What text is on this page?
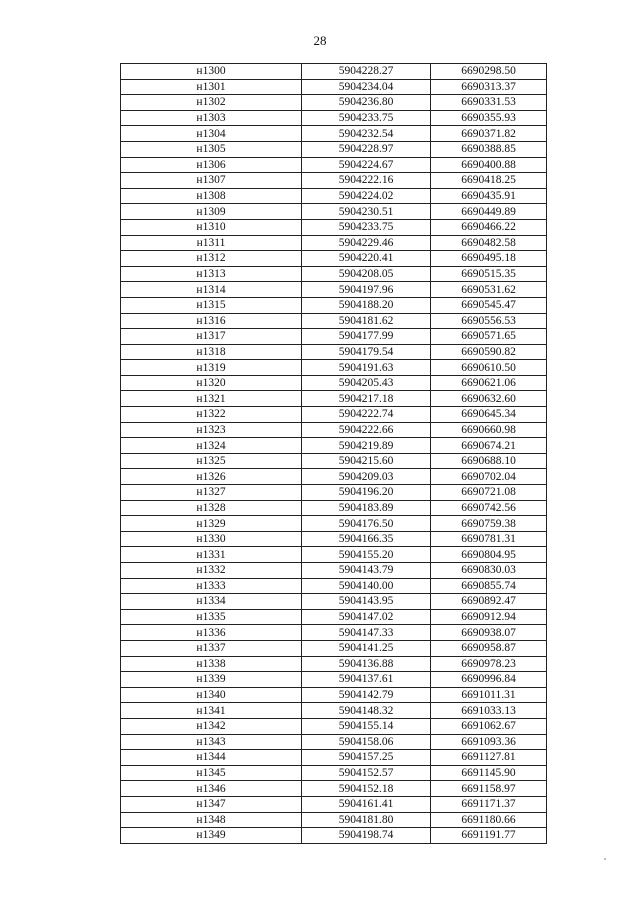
28
н1300	5904228.27	6690298.50
н1301	5904234.04	6690313.37
н1302	5904236.80	6690331.53
н1303	5904233.75	6690355.93
н1304	5904232.54	6690371.82
н1305	5904228.97	6690388.85
н1306	5904224.67	6690400.88
н1307	5904222.16	6690418.25
н1308	5904224.02	6690435.91
н1309	5904230.51	6690449.89
н1310	5904233.75	6690466.22
н1311	5904229.46	6690482.58
н1312	5904220.41	6690495.18
н1313	5904208.05	6690515.35
н1314	5904197.96	6690531.62
н1315	5904188.20	6690545.47
н1316	5904181.62	6690556.53
н1317	5904177.99	6690571.65
н1318	5904179.54	6690590.82
н1319	5904191.63	6690610.50
н1320	5904205.43	6690621.06
н1321	5904217.18	6690632.60
н1322	5904222.74	6690645.34
н1323	5904222.66	6690660.98
н1324	5904219.89	6690674.21
н1325	5904215.60	6690688.10
н1326	5904209.03	6690702.04
н1327	5904196.20	6690721.08
н1328	5904183.89	6690742.56
н1329	5904176.50	6690759.38
н1330	5904166.35	6690781.31
н1331	5904155.20	6690804.95
н1332	5904143.79	6690830.03
н1333	5904140.00	6690855.74
н1334	5904143.95	6690892.47
н1335	5904147.02	6690912.94
н1336	5904147.33	6690938.07
н1337	5904141.25	6690958.87
н1338	5904136.88	6690978.23
н1339	5904137.61	6690996.84
н1340	5904142.79	6691011.31
н1341	5904148.32	6691033.13
н1342	5904155.14	6691062.67
н1343	5904158.06	6691093.36
н1344	5904157.25	6691127.81
н1345	5904152.57	6691145.90
н1346	5904152.18	6691158.97
н1347	5904161.41	6691171.37
н1348	5904181.80	6691180.66
н1349	5904198.74	6691191.77
